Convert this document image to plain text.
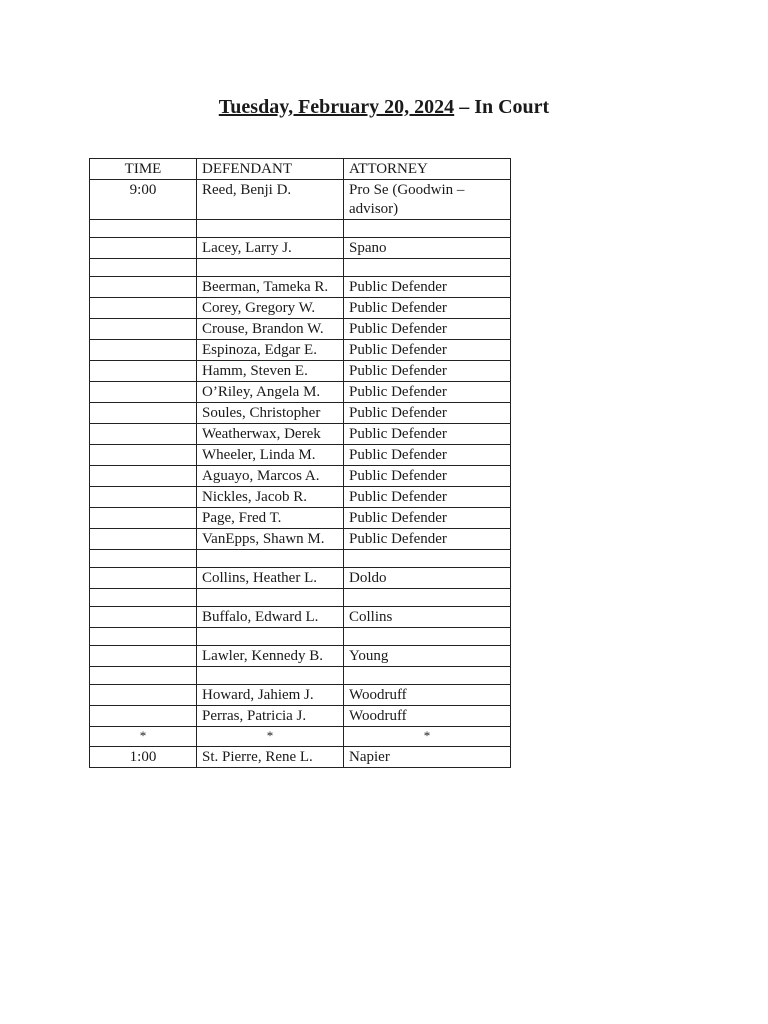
Tuesday, February 20, 2024 – In Court
TIME	DEFENDANT	ATTORNEY
9:00	Reed, Benji D.	Pro Se (Goodwin – advisor)

	Lacey, Larry J.	Spano

	Beerman, Tameka R.	Public Defender
	Corey, Gregory W.	Public Defender
	Crouse, Brandon W.	Public Defender
	Espinoza, Edgar E.	Public Defender
	Hamm, Steven E.	Public Defender
	O’Riley, Angela M.	Public Defender
	Soules, Christopher	Public Defender
	Weatherwax, Derek	Public Defender
	Wheeler, Linda M.	Public Defender
	Aguayo, Marcos A.	Public Defender
	Nickles, Jacob R.	Public Defender
	Page, Fred T.	Public Defender
	VanEpps, Shawn M.	Public Defender

	Collins, Heather L.	Doldo

	Buffalo, Edward L.	Collins

	Lawler, Kennedy B.	Young

	Howard, Jahiem J.	Woodruff
	Perras, Patricia J.	Woodruff
*	*	*
1:00	St. Pierre, Rene L.	Napier
